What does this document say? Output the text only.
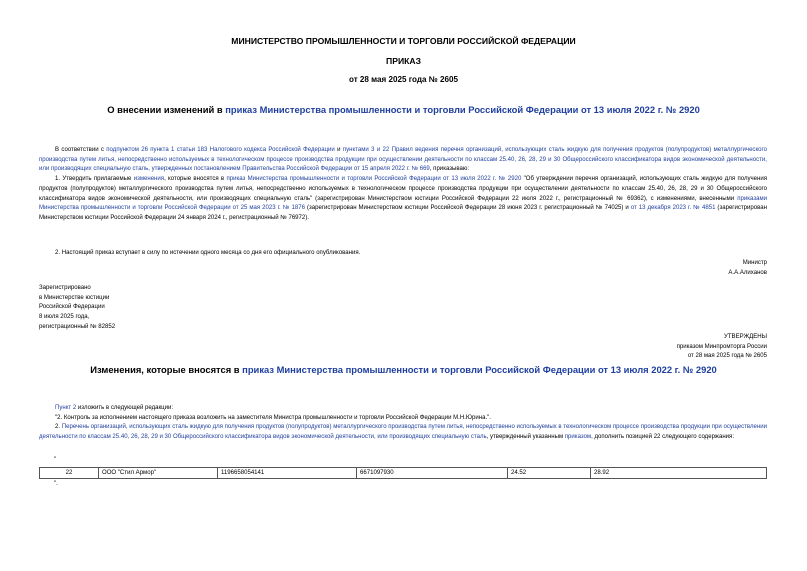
МИНИСТЕРСТВО ПРОМЫШЛЕННОСТИ И ТОРГОВЛИ РОССИЙСКОЙ ФЕДЕРАЦИИ
ПРИКАЗ
от 28 мая 2025 года № 2605
О внесении изменений в приказ Министерства промышленности и торговли Российской Федерации от 13 июля 2022 г. № 2920

В соответствии с подпунктом 26 пункта 1 статьи 183 Налогового кодекса Российской Федерации и пунктами 3 и 22 Правил ведения перечня организаций, использующих сталь жидкую для получения продуктов (полупродуктов) металлургического производства путем литья, непосредственно используемых в технологическом процессе производства продукции при осуществлении деятельности по классам 25.40, 26, 28, 29 и 30 Общероссийского классификатора видов экономической деятельности, или производящих специальную сталь, утвержденных постановлением Правительства Российской Федерации от 15 апреля 2022 г. № 669, приказываю:

1. Утвердить прилагаемые изменения, которые вносятся в приказ Министерства промышленности и торговли Российской Федерации от 13 июля 2022 г. № 2920 "Об утверждении перечня организаций, использующих сталь жидкую для получения продуктов (полупродуктов) металлургического производства путем литья, непосредственно используемых в технологическом процессе производства продукции при осуществлении деятельности по классам 25.40, 26, 28, 29 и 30 Общероссийского классификатора видов экономической деятельности, или производящих специальную сталь" (зарегистрирован Министерством юстиции Российской Федерации 22 июля 2022 г., регистрационный № 69362), с изменениями, внесенными приказами Министерства промышленности и торговли Российской Федерации от 25 мая 2023 г. № 1876 (зарегистрирован Министерством юстиции Российской Федерации 28 июня 2023 г. регистрационный № 74025) и от 13 декабря 2023 г. № 4851 (зарегистрирован Министерством юстиции Российской Федерации 24 января 2024 г., регистрационный № 76972).

2. Настоящий приказ вступает в силу по истечении одного месяца со дня его официального опубликования.
Министр
А.А.Алиханов
Зарегистрировано
в Министерстве юстиции
Российской Федерации
8 июля 2025 года,
регистрационный № 82852
УТВЕРЖДЕНЫ
приказом Минпромторга России
от 28 мая 2025 года № 2605
Изменения, которые вносятся в приказ Министерства промышленности и торговли Российской Федерации от 13 июля 2022 г. № 2920

Пункт 2 изложить в следующей редакции:

"2. Контроль за исполнением настоящего приказа возложить на заместителя Министра промышленности и торговли Российской Федерации М.Н.Юрина.".

2. Перечень организаций, использующих сталь жидкую для получения продуктов (полупродуктов) металлургического производства путем литья, непосредственно используемых в технологическом процессе производства продукции при осуществлении деятельности по классам 25.40, 26, 28, 29 и 30 Общероссийского классификатора видов экономической деятельности, или производящих специальную сталь, утвержденный указанным приказом, дополнить позицией 22 следующего содержания:

"
22	ООО "Стил Армор"	1196658054141	6671097930	24.52	28.92
".
